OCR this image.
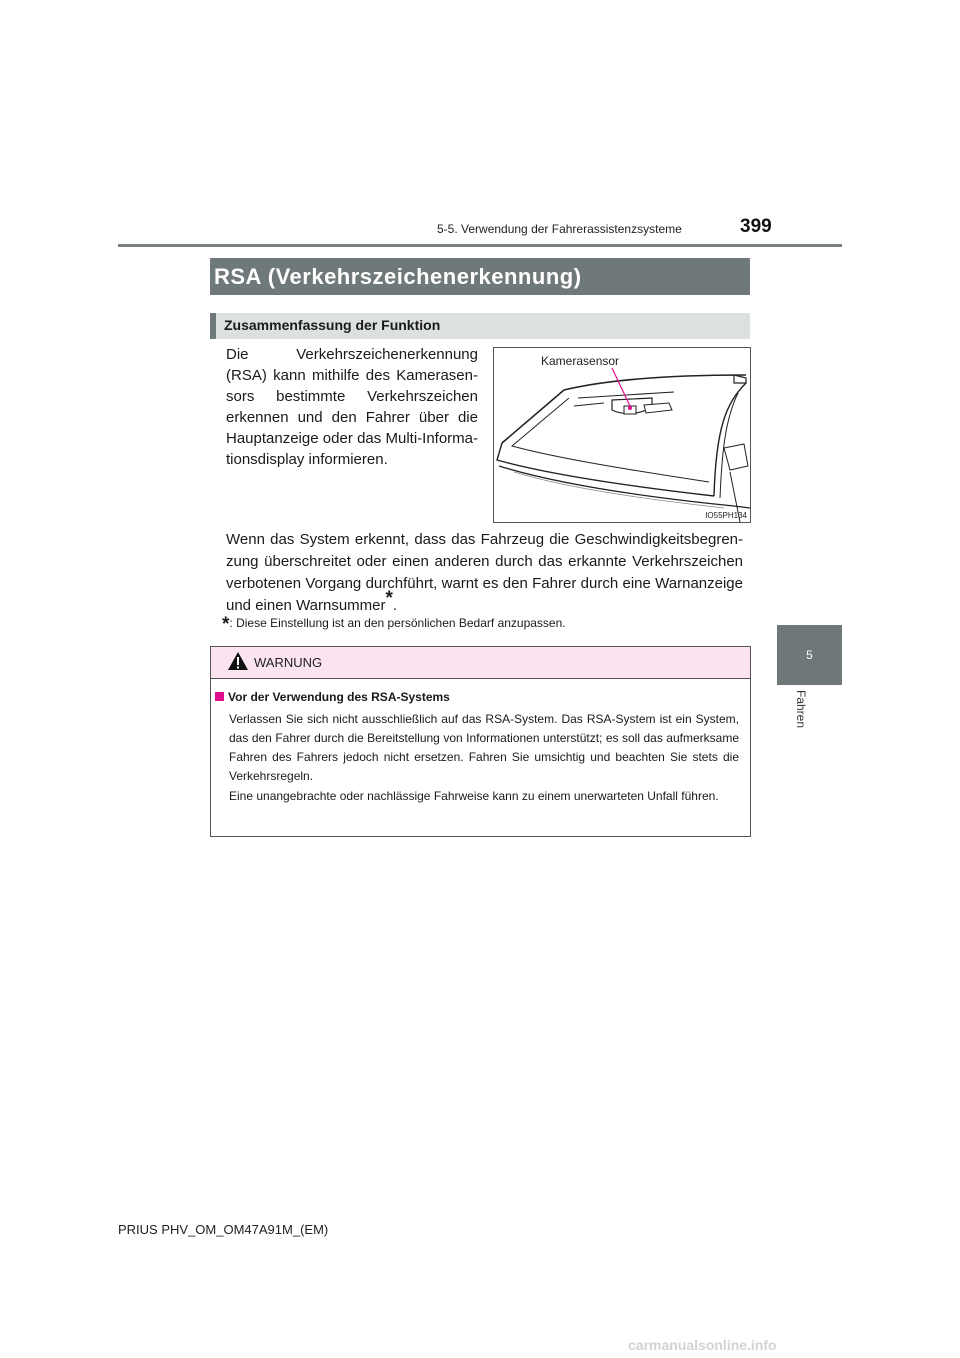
5-5. Verwendung der Fahrerassistenzsysteme	399
5
Fahren
RSA (Verkehrszeichenerkennung)
Zusammenfassung der Funktion
Die Verkehrszeichenerkennung (RSA) kann mithilfe des Kamerasensors bestimmte Verkehrszeichen erkennen und den Fahrer über die Hauptanzeige oder das Multi-Informationsdisplay informieren.
Kamerasensor
IO55PH134
Wenn das System erkennt, dass das Fahrzeug die Geschwindigkeitsbegrenzung überschreitet oder einen anderen durch das erkannte Verkehrszeichen verbotenen Vorgang durchführt, warnt es den Fahrer durch eine Warnanzeige und einen Warnsummer*.
*: Diese Einstellung ist an den persönlichen Bedarf anzupassen.
WARNUNG
Vor der Verwendung des RSA-Systems
Verlassen Sie sich nicht ausschließlich auf das RSA-System. Das RSA-System ist ein System, das den Fahrer durch die Bereitstellung von Informationen unterstützt; es soll das aufmerksame Fahren des Fahrers jedoch nicht ersetzen. Fahren Sie umsichtig und beachten Sie stets die Verkehrsregeln.
Eine unangebrachte oder nachlässige Fahrweise kann zu einem unerwarteten Unfall führen.
PRIUS PHV_OM_OM47A91M_(EM)
carmanualsonline.info
